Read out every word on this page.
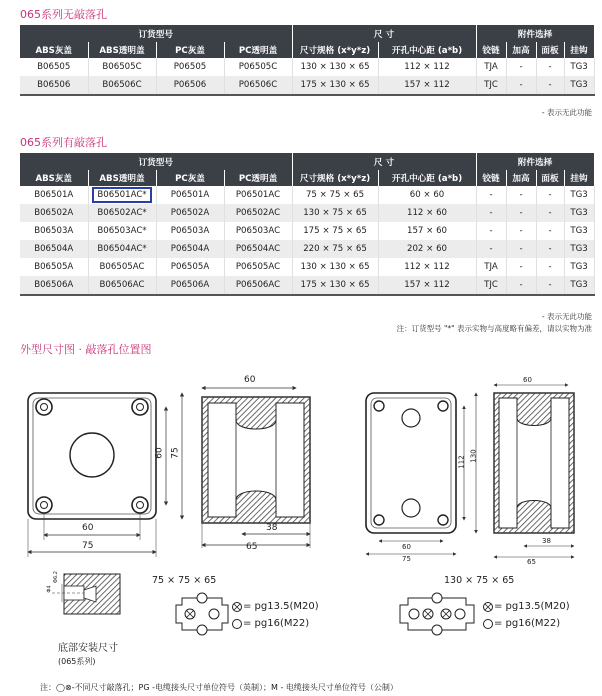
065系列无敲落孔
订货型号				尺 寸		附件选择			
ABS灰盖	ABS透明盖	PC灰盖	PC透明盖	尺寸规格 (x*y*z)	开孔中心距 (a*b)	铰链	加高	面板	挂钩
B06505	B06505C	P06505	P06505C	130 × 130 × 65	112 × 112	TJA	-	-	TG3
B06506	B06506C	P06506	P06506C	175 × 130 × 65	157 × 112	TJC	-	-	TG3
- 表示无此功能
065系列有敲落孔
订货型号				尺 寸		附件选择			
ABS灰盖	ABS透明盖	PC灰盖	PC透明盖	尺寸规格 (x*y*z)	开孔中心距 (a*b)	铰链	加高	面板	挂钩
B06501A	B06501AC*	P06501A	P06501AC	75 × 75 × 65	60 × 60	-	-	-	TG3
B06502A	B06502AC*	P06502A	P06502AC	130 × 75 × 65	112 × 60	-	-	-	TG3
B06503A	B06503AC*	P06503A	P06503AC	175 × 75 × 65	157 × 60	-	-	-	TG3
B06504A	B06504AC*	P06504A	P06504AC	220 × 75 × 65	202 × 60	-	-	-	TG3
B06505A	B06505AC	P06505A	P06505AC	130 × 130 × 65	112 × 112	TJA	-	-	TG3
B06506A	B06506AC	P06506A	P06506AC	175 × 130 × 65	157 × 112	TJC	-	-	TG3
- 表示无此功能
注：订货型号 "*" 表示实物与高度略有偏差，请以实物为准
外型尺寸图 · 敲落孔位置图
60
75
60 75
60
38
65
60
112 130
60
75
38
65
75 × 75 × 65	130 × 75 × 65
= pg13.5(M20)
= pg16(M22)
= pg13.5(M20)
= pg16(M22)
Φ4
Φ6.2
底部安装尺寸
(065系列)
注：◯⊗-不同尺寸敲落孔；PG -电缆接头尺寸单位符号（英制）；M - 电缆接头尺寸单位符号（公制）
